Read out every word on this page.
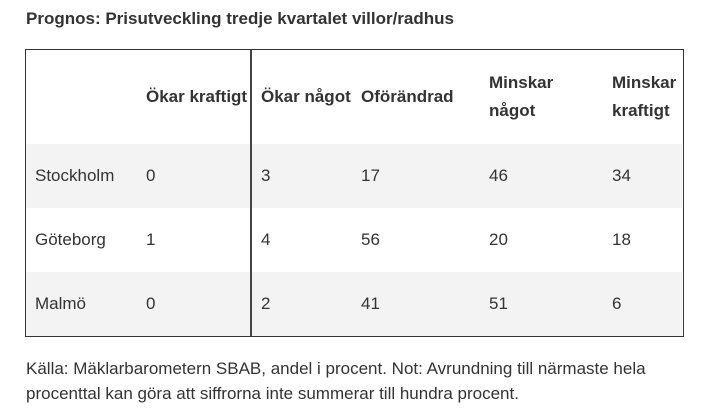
Prognos: Prisutveckling tredje kvartalet villor/radhus
	Ökar kraftigt	Ökar något	Oförändrad	Minskar något	Minskar kraftigt
Stockholm	0	3	17	46	34
Göteborg	1	4	56	20	18
Malmö	0	2	41	51	6
Källa: Mäklarbarometern SBAB, andel i procent. Not: Avrundning till närmaste hela procenttal kan göra att siffrorna inte summerar till hundra procent.
